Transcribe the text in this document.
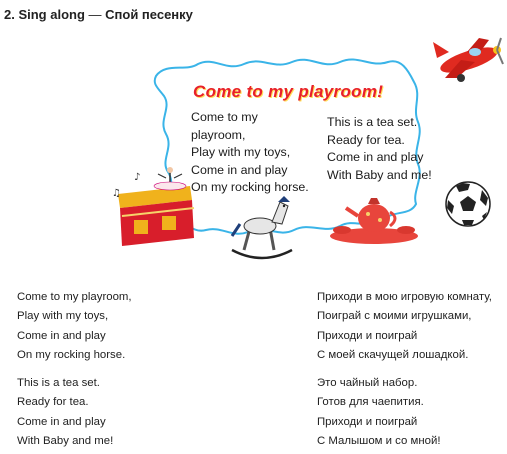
2. Sing along — Спой песенку
♪
♫
Come to my playroom!
Come to my
playroom,
Play with my toys,
Come in and play
On my rocking horse.
This is a tea set.
Ready for tea.
Come in and play
With Baby and me!
Come to my playroom,
Play with my toys,
Come in and play
On my rocking horse.
This is a tea set.
Ready for tea.
Come in and play
With Baby and me!
Приходи в мою игровую комнату,
Поиграй с моими игрушками,
Приходи и поиграй
С моей скачущей лошадкой.
Это чайный набор.
Готов для чаепития.
Приходи и поиграй
С Малышом и со мной!
